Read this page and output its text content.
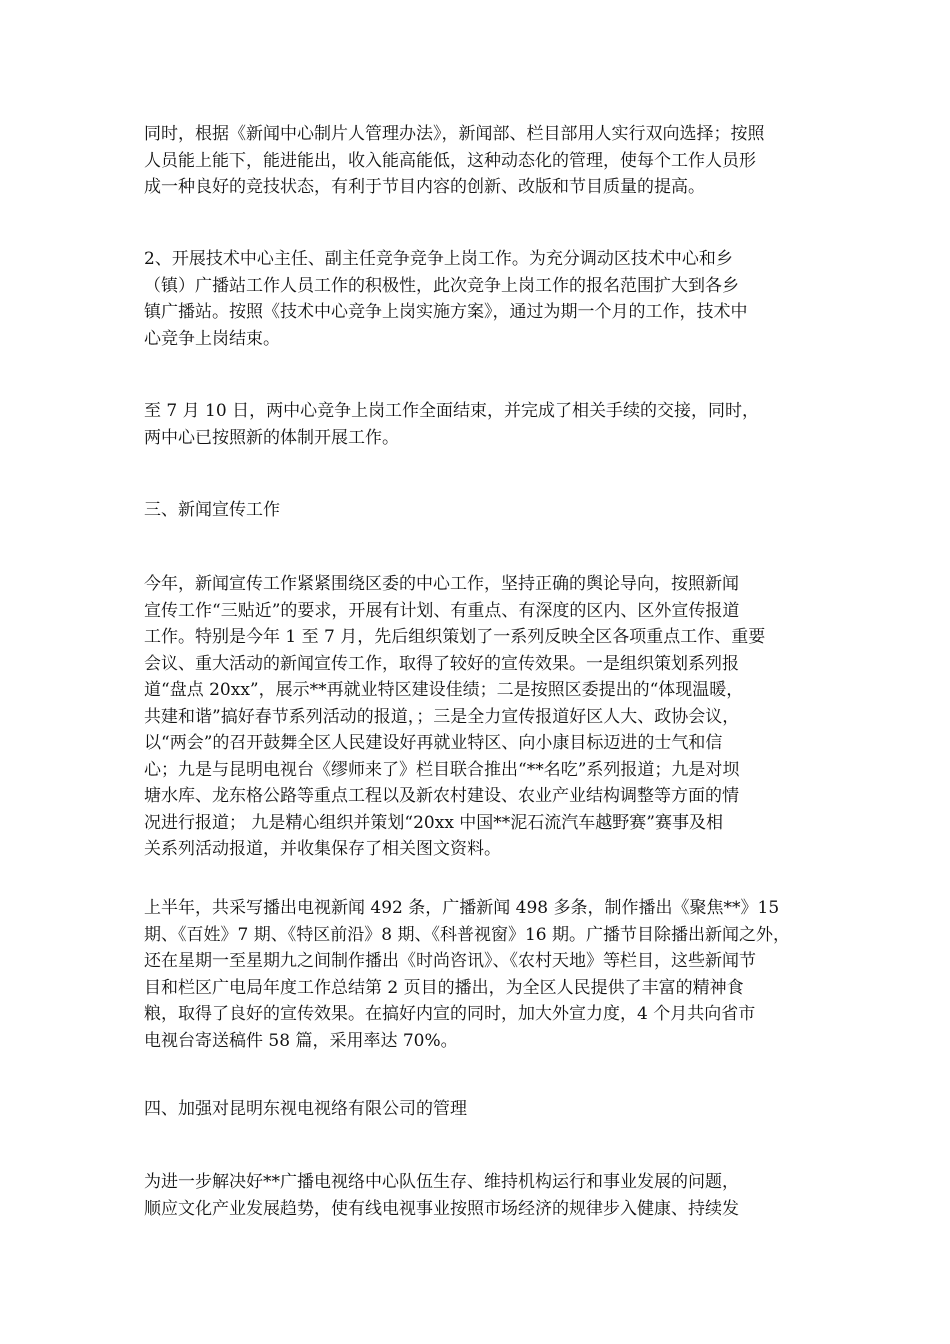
同时，根据《新闻中心制片人管理办法》，新闻部、栏目部用人实行双向选择；按照
人员能上能下，能进能出，收入能高能低，这种动态化的管理，使每个工作人员形
成一种良好的竞技状态，有利于节目内容的创新、改版和节目质量的提高。
2、开展技术中心主任、副主任竞争竞争上岗工作。为充分调动区技术中心和乡
（镇）广播站工作人员工作的积极性，此次竞争上岗工作的报名范围扩大到各乡
镇广播站。按照《技术中心竞争上岗实施方案》，通过为期一个月的工作，技术中
心竞争上岗结束。
至 7 月 10 日，两中心竞争上岗工作全面结束，并完成了相关手续的交接，同时，
两中心已按照新的体制开展工作。
三、新闻宣传工作
今年，新闻宣传工作紧紧围绕区委的中心工作，坚持正确的舆论导向，按照新闻
宣传工作“三贴近”的要求，开展有计划、有重点、有深度的区内、区外宣传报道
工作。特别是今年 1 至 7 月，先后组织策划了一系列反映全区各项重点工作、重要
会议、重大活动的新闻宣传工作，取得了较好的宣传效果。一是组织策划系列报
道“盘点 20xx”，展示**再就业特区建设佳绩；二是按照区委提出的“体现温暖，
共建和谐”搞好春节系列活动的报道，；三是全力宣传报道好区人大、政协会议，
以“两会”的召开鼓舞全区人民建设好再就业特区、向小康目标迈进的士气和信
心；九是与昆明电视台《缪师来了》栏目联合推出“**名吃”系列报道；九是对坝
塘水库、龙东格公路等重点工程以及新农村建设、农业产业结构调整等方面的情
况进行报道； 九是精心组织并策划“20xx 中国**泥石流汽车越野赛”赛事及相
关系列活动报道，并收集保存了相关图文资料。
上半年，共采写播出电视新闻 492 条，广播新闻 498 多条，制作播出《聚焦**》15
期、《百姓》7 期、《特区前沿》8 期、《科普视窗》16 期。广播节目除播出新闻之外，
还在星期一至星期九之间制作播出《时尚咨讯》、《农村天地》等栏目，这些新闻节
目和栏区广电局年度工作总结第 2 页目的播出，为全区人民提供了丰富的精神食
粮，取得了良好的宣传效果。在搞好内宣的同时，加大外宣力度，4 个月共向省市
电视台寄送稿件 58 篇，采用率达 70%。
四、加强对昆明东视电视络有限公司的管理
为进一步解决好**广播电视络中心队伍生存、维持机构运行和事业发展的问题，
顺应文化产业发展趋势，使有线电视事业按照市场经济的规律步入健康、持续发
